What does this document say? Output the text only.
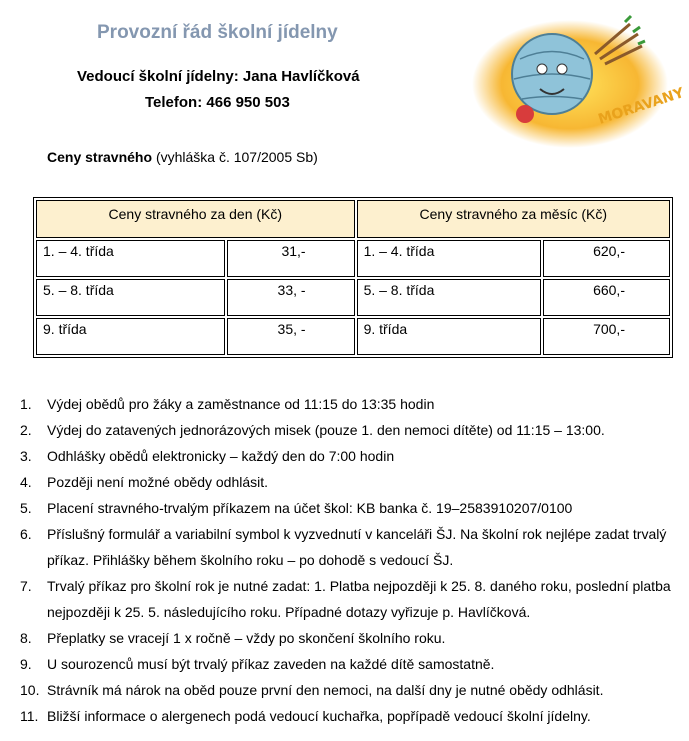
Provozní řád školní jídelny
Vedoucí školní jídelny: Jana Havlíčková
Telefon: 466 950 503	MORAVANY
Ceny stravného (vyhláška č. 107/2005 Sb)
Ceny stravného za den (Kč)		Ceny stravného za měsíc (Kč)	
1. – 4. třída	31,-	1. – 4. třída	620,-
5. – 8. třída	33, -	5. – 8. třída	660,-
9. třída	35, -	9. třída	700,-
1.	Výdej obědů pro žáky a zaměstnance od 11:15 do 13:35 hodin
2.	Výdej do zatavených jednorázových misek (pouze 1. den nemoci dítěte) od 11:15 – 13:00.
3.	Odhlášky obědů elektronicky – každý den do 7:00 hodin
4.	Později není možné obědy odhlásit.
5.	Placení stravného-trvalým příkazem na účet škol: KB banka č. 19–2583910207/0100
6.	Příslušný formulář a variabilní symbol k vyzvednutí v kanceláři ŠJ. Na školní rok nejlépe zadat trvalý příkaz. Přihlášky během školního roku – po dohodě s vedoucí ŠJ.
7.	Trvalý příkaz pro školní rok je nutné zadat: 1. Platba nejpozději k 25. 8. daného roku, poslední platba nejpozději k 25. 5. následujícího roku. Případné dotazy vyřizuje p. Havlíčková.
8.	Přeplatky se vracejí 1 x ročně – vždy po skončení školního roku.
9.	U sourozenců musí být trvalý příkaz zaveden na každé dítě samostatně.
10. Strávník má nárok na oběd pouze první den nemoci, na další dny je nutné obědy odhlásit.
11. Bližší informace o alergenech podá vedoucí kuchařka, popřípadě vedoucí školní jídelny.
